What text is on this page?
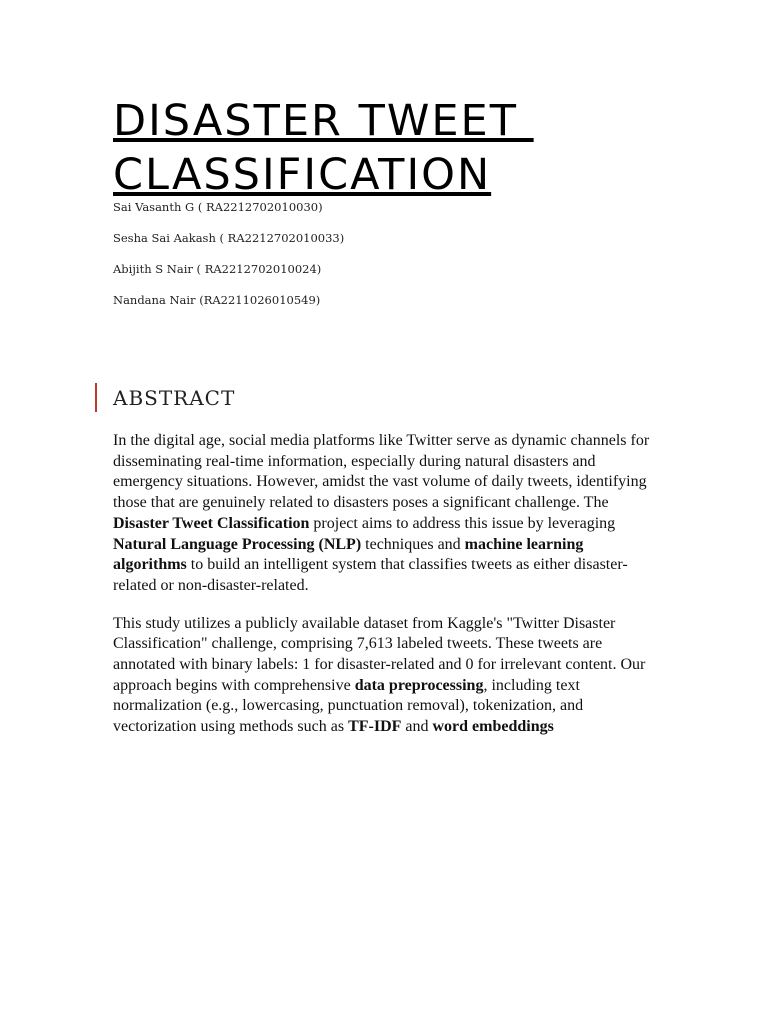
DISASTER TWEET
CLASSIFICATION
Sai Vasanth G ( RA2212702010030)
Sesha Sai Aakash ( RA2212702010033)
Abijith S Nair ( RA2212702010024)
Nandana Nair (RA2211026010549)
ABSTRACT

In the digital age, social media platforms like Twitter serve as dynamic channels for disseminating real-time information, especially during natural disasters and emergency situations. However, amidst the vast volume of daily tweets, identifying those that are genuinely related to disasters poses a significant challenge. The Disaster Tweet Classification project aims to address this issue by leveraging Natural Language Processing (NLP) techniques and machine learning algorithms to build an intelligent system that classifies tweets as either disaster-related or non-disaster-related.

This study utilizes a publicly available dataset from Kaggle's "Twitter Disaster Classification" challenge, comprising 7,613 labeled tweets. These tweets are annotated with binary labels: 1 for disaster-related and 0 for irrelevant content. Our approach begins with comprehensive data preprocessing, including text normalization (e.g., lowercasing, punctuation removal), tokenization, and vectorization using methods such as TF-IDF and word embeddings
